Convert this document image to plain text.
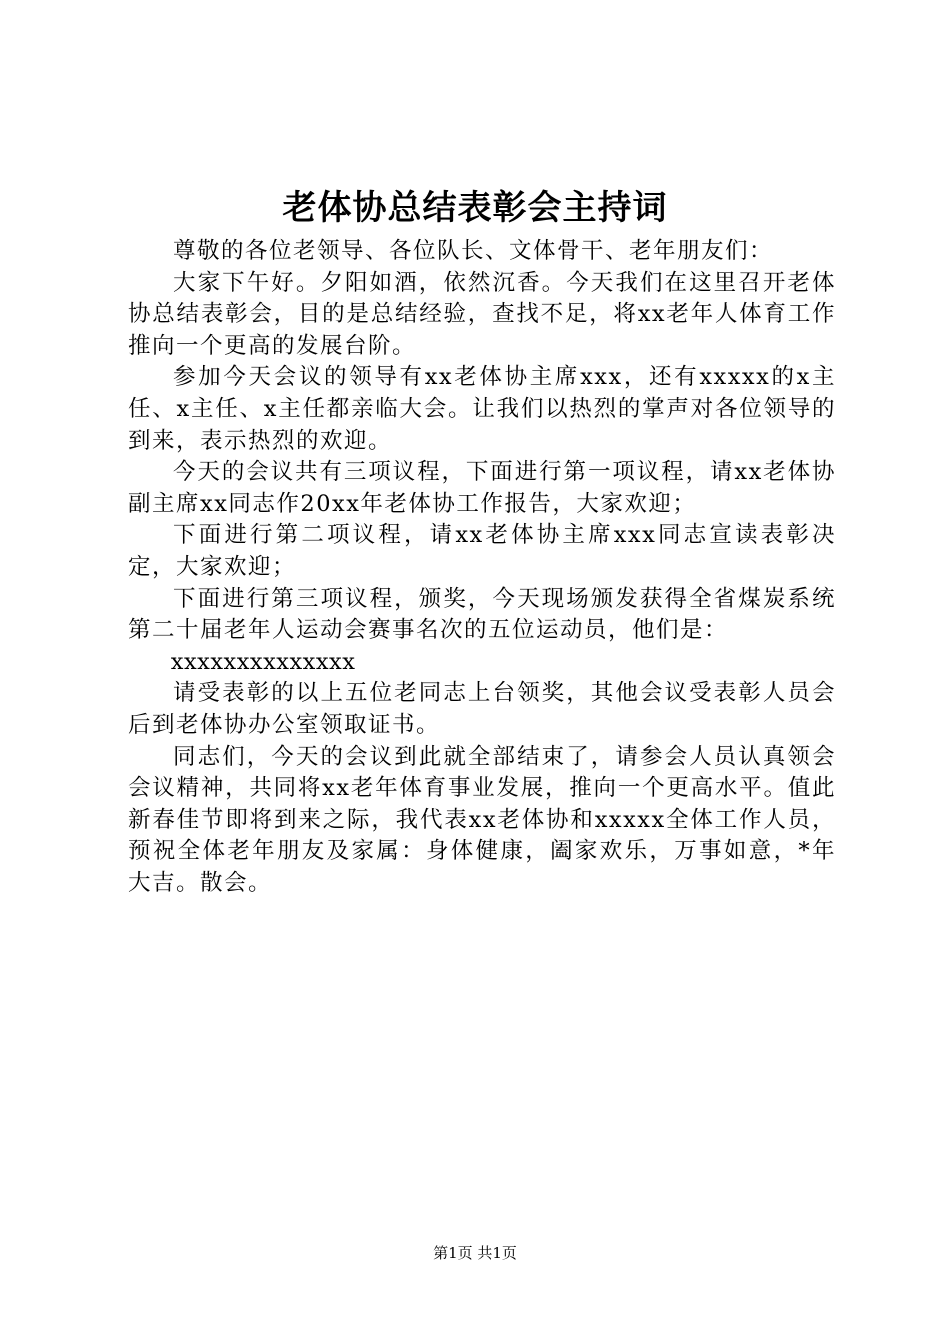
老体协总结表彰会主持词

尊敬的各位老领导、各位队长、文体骨干、老年朋友们：

大家下午好。夕阳如酒，依然沉香。今天我们在这里召开老体协总结表彰会，目的是总结经验，查找不足，将xx老年人体育工作推向一个更高的发展台阶。

参加今天会议的领导有xx老体协主席xxx，还有xxxxx的x主任、x主任、x主任都亲临大会。让我们以热烈的掌声对各位领导的到来，表示热烈的欢迎。

今天的会议共有三项议程，下面进行第一项议程，请xx老体协副主席xx同志作20xx年老体协工作报告，大家欢迎；

下面进行第二项议程，请xx老体协主席xxx同志宣读表彰决定，大家欢迎；

下面进行第三项议程，颁奖，今天现场颁发获得全省煤炭系统第二十届老年人运动会赛事名次的五位运动员，他们是：

xxxxxxxxxxxxxx

请受表彰的以上五位老同志上台领奖，其他会议受表彰人员会后到老体协办公室领取证书。

同志们，今天的会议到此就全部结束了，请参会人员认真领会会议精神，共同将xx老年体育事业发展，推向一个更高水平。值此新春佳节即将到来之际，我代表xx老体协和xxxxx全体工作人员，预祝全体老年朋友及家属：身体健康，阖家欢乐，万事如意，*年大吉。散会。

第1页 共1页
